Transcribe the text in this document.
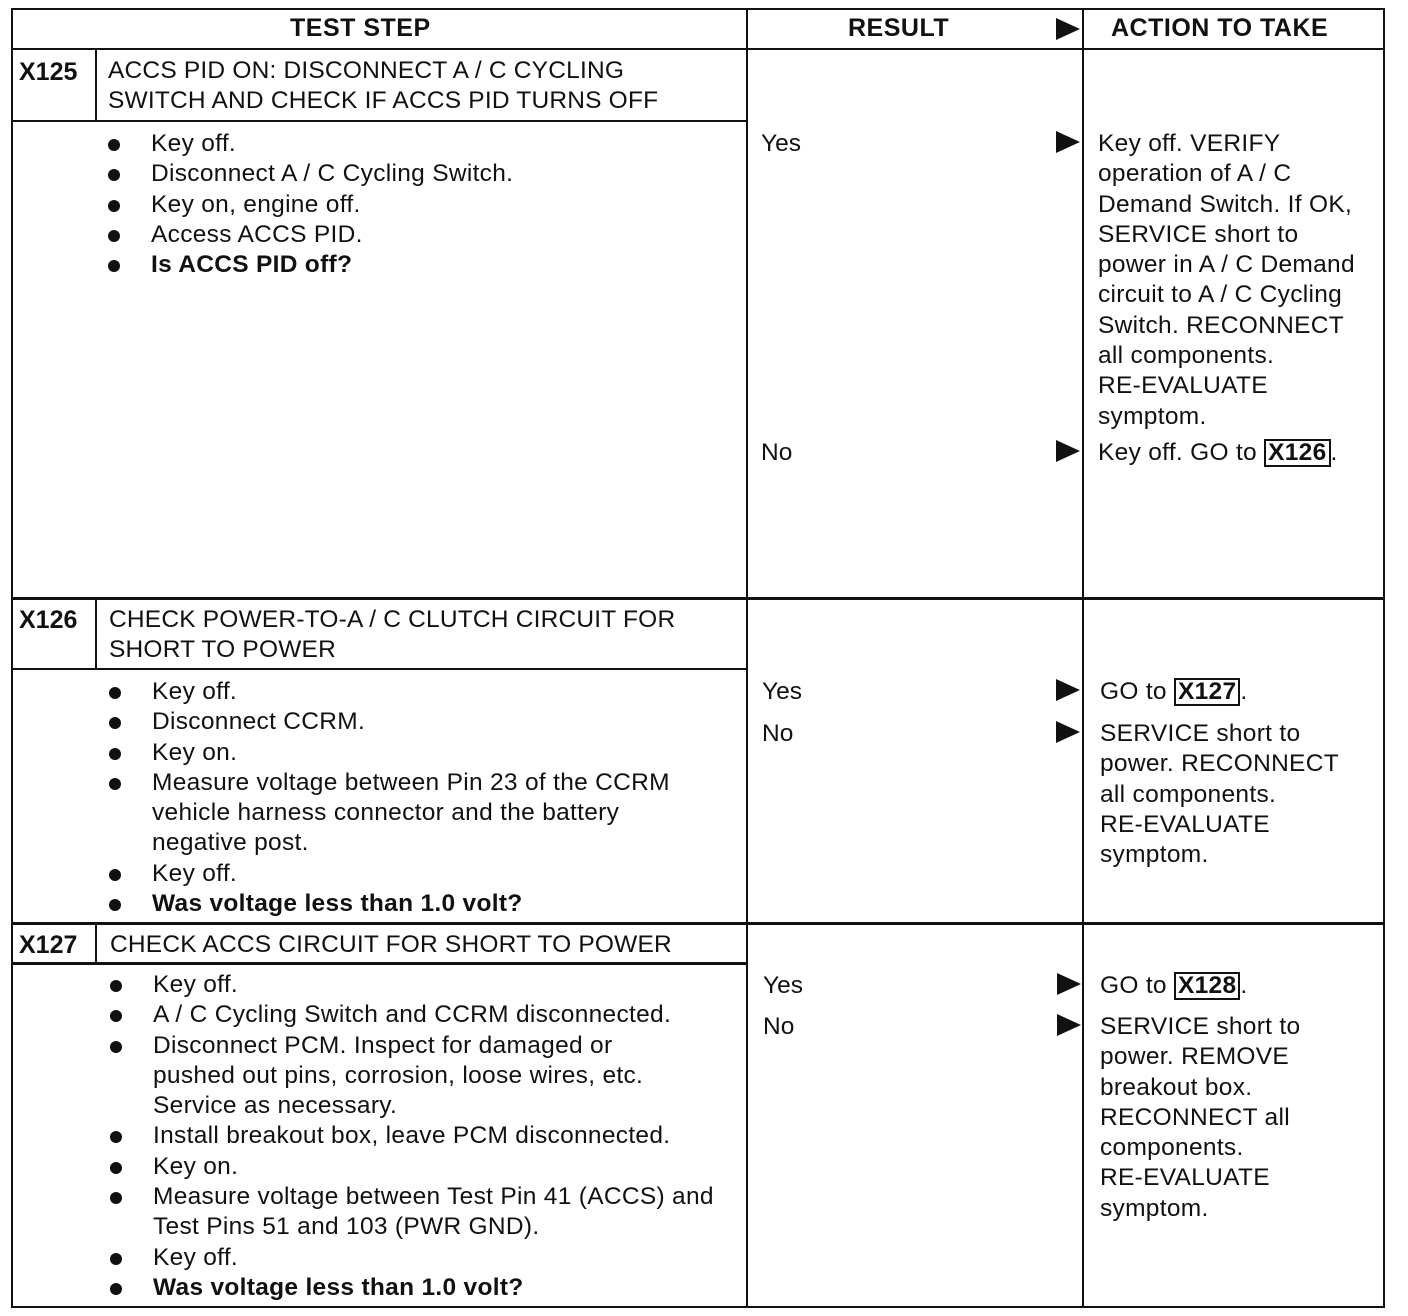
TEST STEP	RESULT	ACTION TO TAKE
X125 ACCS PID ON: DISCONNECT A / C CYCLING
SWITCH AND CHECK IF ACCS PID TURNS OFF
Key off.
Disconnect A / C Cycling Switch.
Key on, engine off.
Access ACCS PID.
Is ACCS PID off?
Yes	Key off. VERIFY
operation of A / C
Demand Switch. If OK,
SERVICE short to
power in A / C Demand
circuit to A / C Cycling
Switch. RECONNECT
all components.
RE-EVALUATE
symptom.
No	Key off. GO to X126 .
X126 CHECK POWER-TO-A / C CLUTCH CIRCUIT FOR
SHORT TO POWER
Key off.
Disconnect CCRM.
Key on.
Measure voltage between Pin 23 of the CCRM vehicle harness connector and the battery negative post.
Key off.
Was voltage less than 1.0 volt?
Yes	GO to X127 .
No	SERVICE short to
power. RECONNECT
all components.
RE-EVALUATE
symptom.
X127 CHECK ACCS CIRCUIT FOR SHORT TO POWER
Key off.
A / C Cycling Switch and CCRM disconnected.
Disconnect PCM. Inspect for damaged or pushed out pins, corrosion, loose wires, etc. Service as necessary.
Install breakout box, leave PCM disconnected.
Key on.
Measure voltage between Test Pin 41 (ACCS) and Test Pins 51 and 103 (PWR GND).
Key off.
Was voltage less than 1.0 volt?
Yes	GO to X128 .
No	SERVICE short to
power. REMOVE
breakout box.
RECONNECT all
components.
RE-EVALUATE
symptom.
